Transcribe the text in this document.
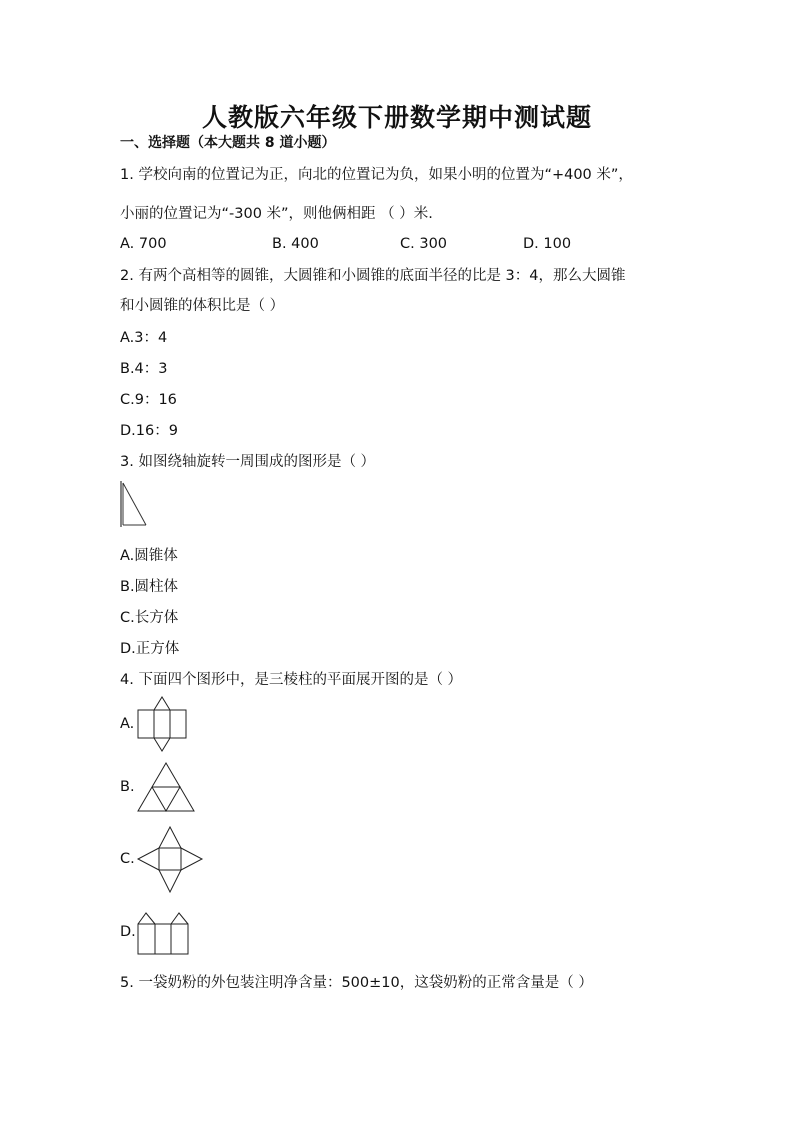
人教版六年级下册数学期中测试题
一、选择题（本大题共 8 道小题）
1. 学校向南的位置记为正，向北的位置记为负，如果小明的位置为“+400 米”，
小丽的位置记为“-300 米”，则他俩相距 （ ）米.
A. 700	B. 400	C. 300	D. 100
2. 有两个高相等的圆锥，大圆锥和小圆锥的底面半径的比是 3：4，那么大圆锥
和小圆锥的体积比是（ ）
A.3：4
B.4：3
C.9：16
D.16：9
3. 如图绕轴旋转一周围成的图形是（ ）
A.圆锥体
B.圆柱体
C.长方体
D.正方体
4. 下面四个图形中，是三棱柱的平面展开图的是（ ）
A.
B.
C.
D.
5. 一袋奶粉的外包装注明净含量：500±10，这袋奶粉的正常含量是（ ）
